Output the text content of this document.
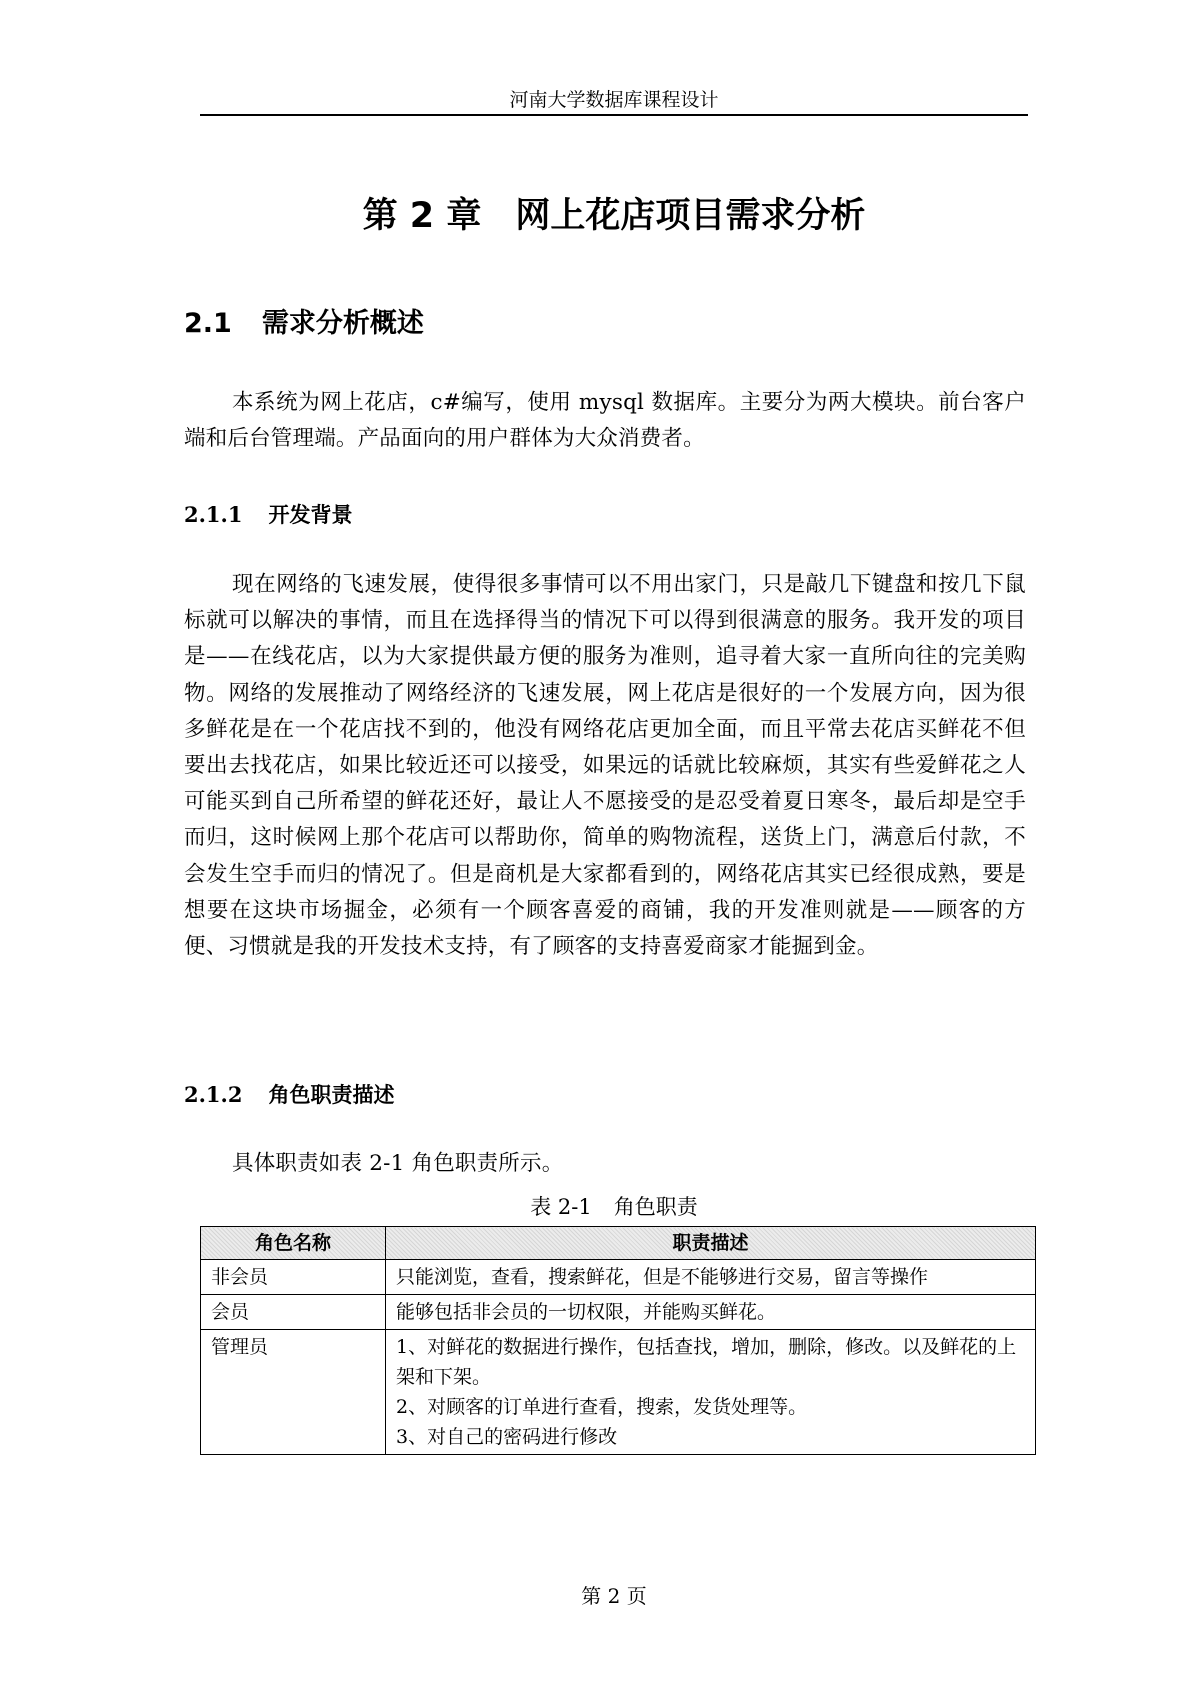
河南大学数据库课程设计
第 2 章 网上花店项目需求分析
2.1 需求分析概述

本系统为网上花店，c#编写，使用 mysql 数据库。主要分为两大模块。前台客户端和后台管理端。产品面向的用户群体为大众消费者。

2.1.1 开发背景

现在网络的飞速发展，使得很多事情可以不用出家门，只是敲几下键盘和按几下鼠标就可以解决的事情，而且在选择得当的情况下可以得到很满意的服务。我开发的项目是——在线花店，以为大家提供最方便的服务为准则，追寻着大家一直所向往的完美购物。网络的发展推动了网络经济的飞速发展，网上花店是很好的一个发展方向，因为很多鲜花是在一个花店找不到的，他没有网络花店更加全面，而且平常去花店买鲜花不但要出去找花店，如果比较近还可以接受，如果远的话就比较麻烦，其实有些爱鲜花之人可能买到自己所希望的鲜花还好，最让人不愿接受的是忍受着夏日寒冬，最后却是空手而归，这时候网上那个花店可以帮助你，简单的购物流程，送货上门，满意后付款，不会发生空手而归的情况了。但是商机是大家都看到的，网络花店其实已经很成熟，要是想要在这块市场掘金，必须有一个顾客喜爱的商铺，我的开发准则就是——顾客的方便、习惯就是我的开发技术支持，有了顾客的支持喜爱商家才能掘到金。

2.1.2 角色职责描述

具体职责如表 2-1 角色职责所示。

表 2-1 角色职责
角色名称	职责描述
非会员	只能浏览，查看，搜索鲜花，但是不能够进行交易，留言等操作

会员	能够包括非会员的一切权限，并能购买鲜花。

管理员	1、对鲜花的数据进行操作，包括查找，增加，删除，修改。以及鲜花的上架和下架。
2、对顾客的订单进行查看，搜索，发货处理等。
3、对自己的密码进行修改
第 2 页
